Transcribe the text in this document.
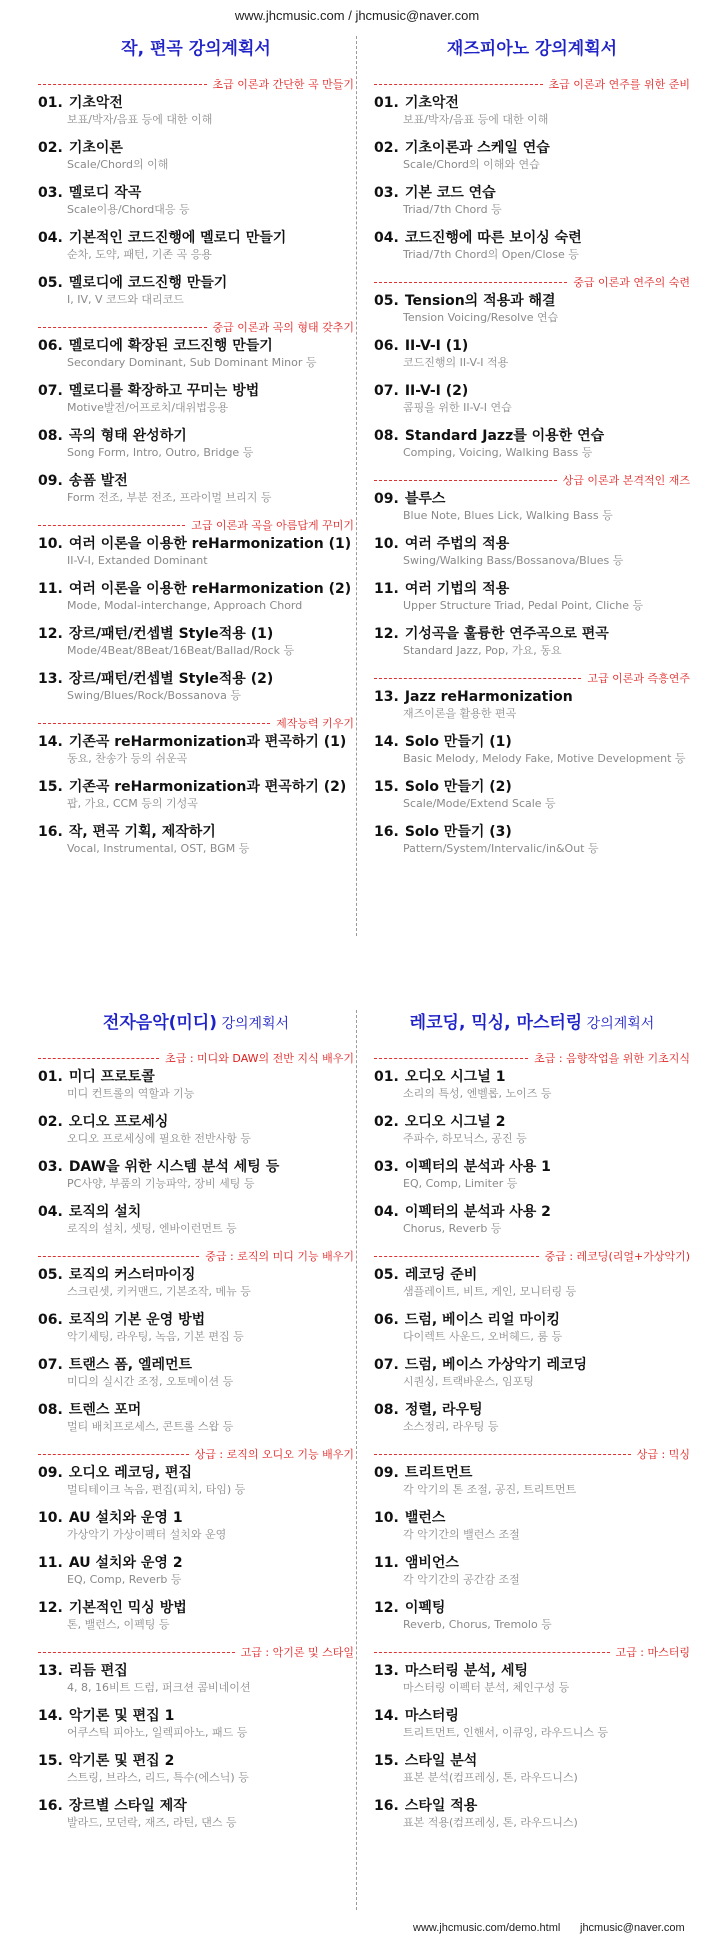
www.jhcmusic.com / jhcmusic@naver.com
작, 편곡 강의계획서
초급 이론과 간단한 곡 만들기
01. 기초악전
보표/박자/음표 등에 대한 이해
02. 기초이론
Scale/Chord의 이해
03. 멜로디 작곡
Scale이용/Chord대응 등
04. 기본적인 코드진행에 멜로디 만들기
순차, 도약, 패턴, 기존 곡 응용
05. 멜로디에 코드진행 만들기
I, IV, V 코드와 대리코드
중급 이론과 곡의 형태 갖추기
06. 멜로디에 확장된 코드진행 만들기
Secondary Dominant, Sub Dominant Minor 등
07. 멜로디를 확장하고 꾸미는 방법
Motive발전/어프로치/대위법응용
08. 곡의 형태 완성하기
Song Form, Intro, Outro, Bridge 등
09. 송폼 발전
Form 전조, 부분 전조, 프라이멀 브리지 등
고급 이론과 곡을 아름답게 꾸미기
10. 여러 이론을 이용한 reHarmonization (1)
II-V-I, Extanded Dominant
11. 여러 이론을 이용한 reHarmonization (2)
Mode, Modal-interchange, Approach Chord
12. 장르/패턴/컨셉별 Style적용 (1)
Mode/4Beat/8Beat/16Beat/Ballad/Rock 등
13. 장르/패턴/컨셉별 Style적용 (2)
Swing/Blues/Rock/Bossanova 등
제작능력 키우기
14. 기존곡 reHarmonization과 편곡하기 (1)
동요, 찬송가 등의 쉬운곡
15. 기존곡 reHarmonization과 편곡하기 (2)
팝, 가요, CCM 등의 기성곡
16. 작, 편곡 기획, 제작하기
Vocal, Instrumental, OST, BGM 등
재즈피아노 강의계획서
초급 이론과 연주를 위한 준비
01. 기초악전
보표/박자/음표 등에 대한 이해
02. 기초이론과 스케일 연습
Scale/Chord의 이해와 연습
03. 기본 코드 연습
Triad/7th Chord 등
04. 코드진행에 따른 보이싱 숙련
Triad/7th Chord의 Open/Close 등
중급 이론과 연주의 숙련
05. Tension의 적용과 해결
Tension Voicing/Resolve 연습
06. II-V-I (1)
코드진행의 II-V-I 적용
07. II-V-I (2)
콤핑을 위한 II-V-I 연습
08. Standard Jazz를 이용한 연습
Comping, Voicing, Walking Bass 등
상급 이론과 본격적인 재즈
09. 블루스
Blue Note, Blues Lick, Walking Bass 등
10. 여러 주법의 적용
Swing/Walking Bass/Bossanova/Blues 등
11. 여러 기법의 적용
Upper Structure Triad, Pedal Point, Cliche 등
12. 기성곡을 훌륭한 연주곡으로 편곡
Standard Jazz, Pop, 가요, 동요
고급 이론과 즉흥연주
13. Jazz reHarmonization
재즈이론을 활용한 편곡
14. Solo 만들기 (1)
Basic Melody, Melody Fake, Motive Development 등
15. Solo 만들기 (2)
Scale/Mode/Extend Scale 등
16. Solo 만들기 (3)
Pattern/System/Intervalic/in&Out 등
전자음악(미디) 강의계획서
초급 : 미디와 DAW의 전반 지식 배우기
01. 미디 프로토콜
미디 컨트롤의 역할과 기능
02. 오디오 프로세싱
오디오 프로세싱에 필요한 전반사항 등
03. DAW을 위한 시스템 분석 세팅 등
PC사양, 부품의 기능파악, 장비 세팅 등
04. 로직의 설치
로직의 설치, 셋팅, 엔바이런먼트 등
중급 : 로직의 미디 기능 배우기
05. 로직의 커스터마이징
스크린셋, 키커맨드, 기본조작, 메뉴 등
06. 로직의 기본 운영 방법
악기세팅, 라우팅, 녹음, 기본 편집 등
07. 트랜스 폼, 엘레먼트
미디의 실시간 조정, 오토메이션 등
08. 트렌스 포머
멀티 배치프로세스, 콘트롤 스왑 등
상급 : 로직의 오디오 기능 배우기
09. 오디오 레코딩, 편집
멀티테이크 녹음, 편집(피치, 타임) 등
10. AU 설치와 운영 1
가상악기 가상이펙터 설치와 운영
11. AU 설치와 운영 2
EQ, Comp, Reverb 등
12. 기본적인 믹싱 방법
톤, 밸런스, 이펙팅 등
고급 : 악기론 및 스타일
13. 리듬 편집
4, 8, 16비트 드럼, 퍼크션 콤비네이션
14. 악기론 및 편집 1
어쿠스틱 피아노, 일렉피아노, 패드 등
15. 악기론 및 편집 2
스트링, 브라스, 리드, 특수(에스닉) 등
16. 장르별 스타일 제작
발라드, 모던락, 재즈, 라틴, 댄스 등
레코딩, 믹싱, 마스터링 강의계획서
초급 : 음향작업을 위한 기초지식
01. 오디오 시그널 1
소리의 특성, 엔벨롭, 노이즈 등
02. 오디오 시그널 2
주파수, 하모닉스, 공진 등
03. 이펙터의 분석과 사용 1
EQ, Comp, Limiter 등
04. 이펙터의 분석과 사용 2
Chorus, Reverb 등
중급 : 레코딩(리얼+가상악기)
05. 레코딩 준비
샘플레이트, 비트, 게인, 모니터링 등
06. 드럼, 베이스 리얼 마이킹
다이렉트 사운드, 오버헤드, 룸 등
07. 드럼, 베이스 가상악기 레코딩
시퀀싱, 트랙바운스, 임포팅
08. 정렬, 라우팅
소스정리, 라우팅 등
상급 : 믹싱
09. 트리트먼트
각 악기의 톤 조절, 공진, 트리트먼트
10. 밸런스
각 악기간의 밸런스 조절
11. 앰비언스
각 악기간의 공간감 조절
12. 이펙팅
Reverb, Chorus, Tremolo 등
고급 : 마스터링
13. 마스터링 분석, 세팅
마스터링 이펙터 분석, 체인구성 등
14. 마스터링
트리트먼트, 인핸서, 이큐잉, 라우드니스 등
15. 스타일 분석
표본 분석(컴프레싱, 톤, 라우드니스)
16. 스타일 적용
표본 적용(컴프레싱, 톤, 라우드니스)
www.jhcmusic.com/demo.html jhcmusic@naver.com
